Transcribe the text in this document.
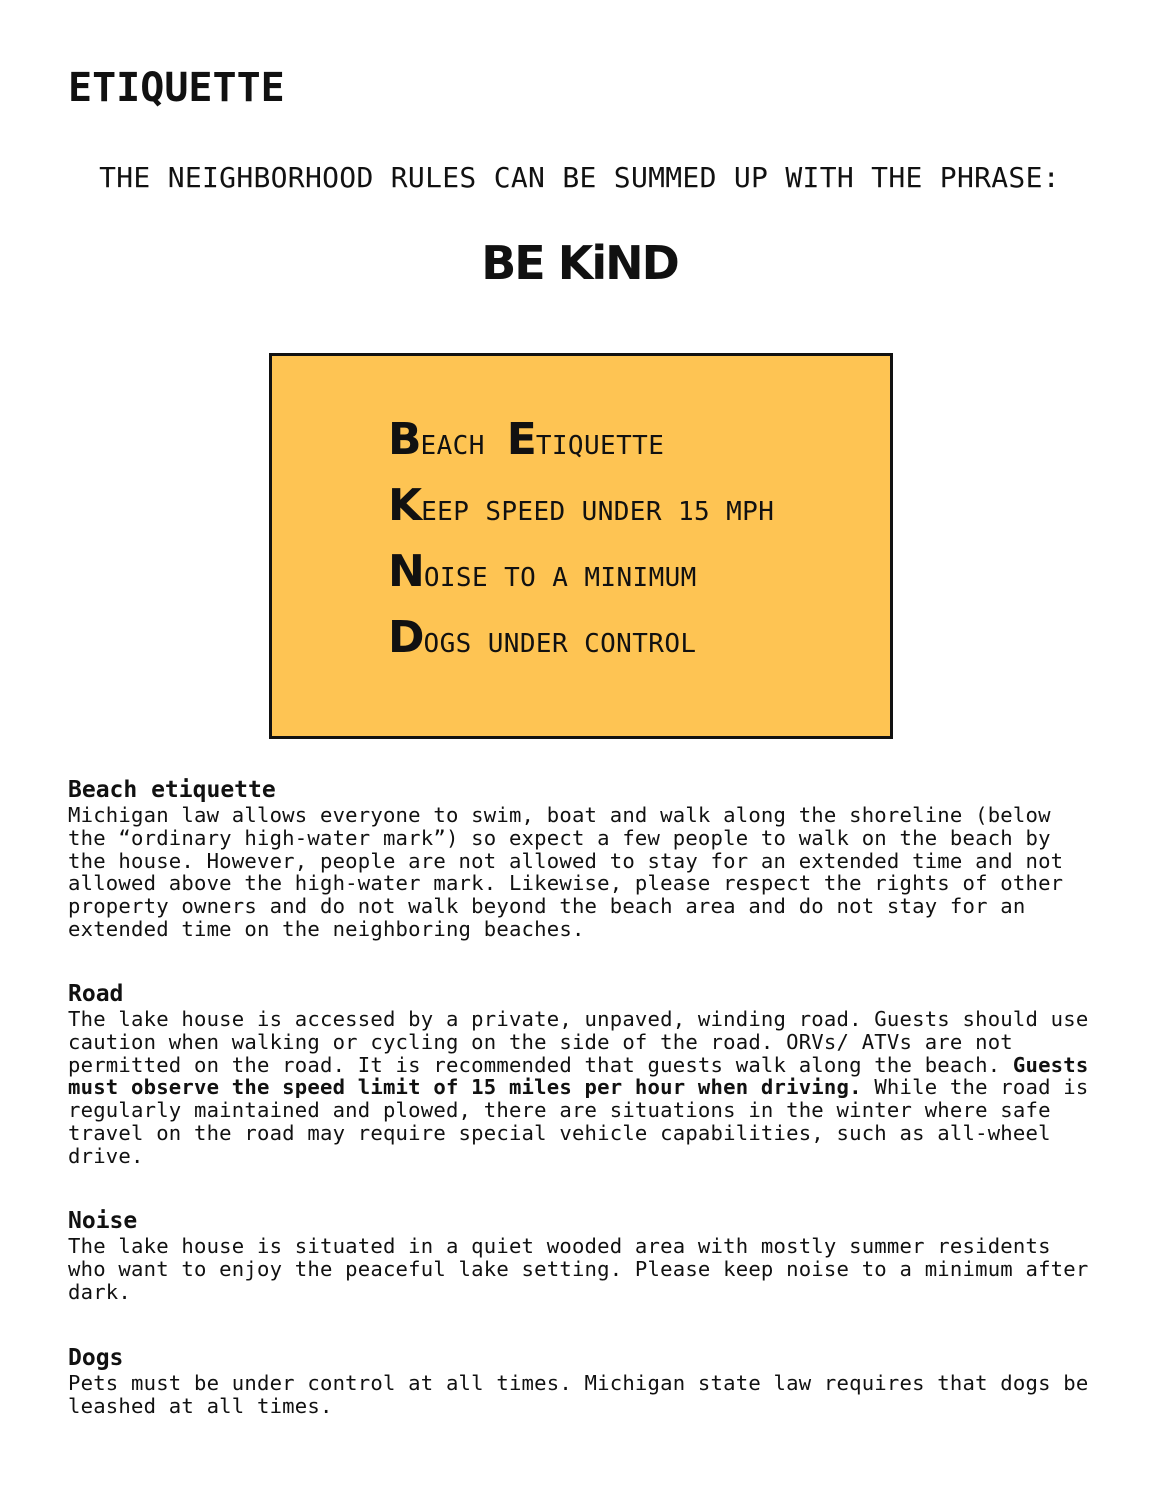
ETIQUETTE
THE NEIGHBORHOOD RULES CAN BE SUMMED UP WITH THE PHRASE:
BE KiND
BEACH ETIQUETTE
KEEP SPEED UNDER 15 MPH
NOISE TO A MINIMUM
DOGS UNDER CONTROL
Beach etiquette

Michigan law allows everyone to swim, boat and walk along the shoreline (below the “ordinary high-water mark”) so expect a few people to walk on the beach by the house. However, people are not allowed to stay for an extended time and not allowed above the high-water mark. Likewise, please respect the rights of other property owners and do not walk beyond the beach area and do not stay for an extended time on the neighboring beaches.

Road

The lake house is accessed by a private, unpaved, winding road. Guests should use caution when walking or cycling on the side of the road. ORVs/ ATVs are not permitted on the road. It is recommended that guests walk along the beach. Guests must observe the speed limit of 15 miles per hour when driving. While the road is regularly maintained and plowed, there are situations in the winter where safe travel on the road may require special vehicle capabilities, such as all-wheel drive.

Noise

The lake house is situated in a quiet wooded area with mostly summer residents who want to enjoy the peaceful lake setting. Please keep noise to a minimum after dark.

Dogs

Pets must be under control at all times. Michigan state law requires that dogs be leashed at all times.
